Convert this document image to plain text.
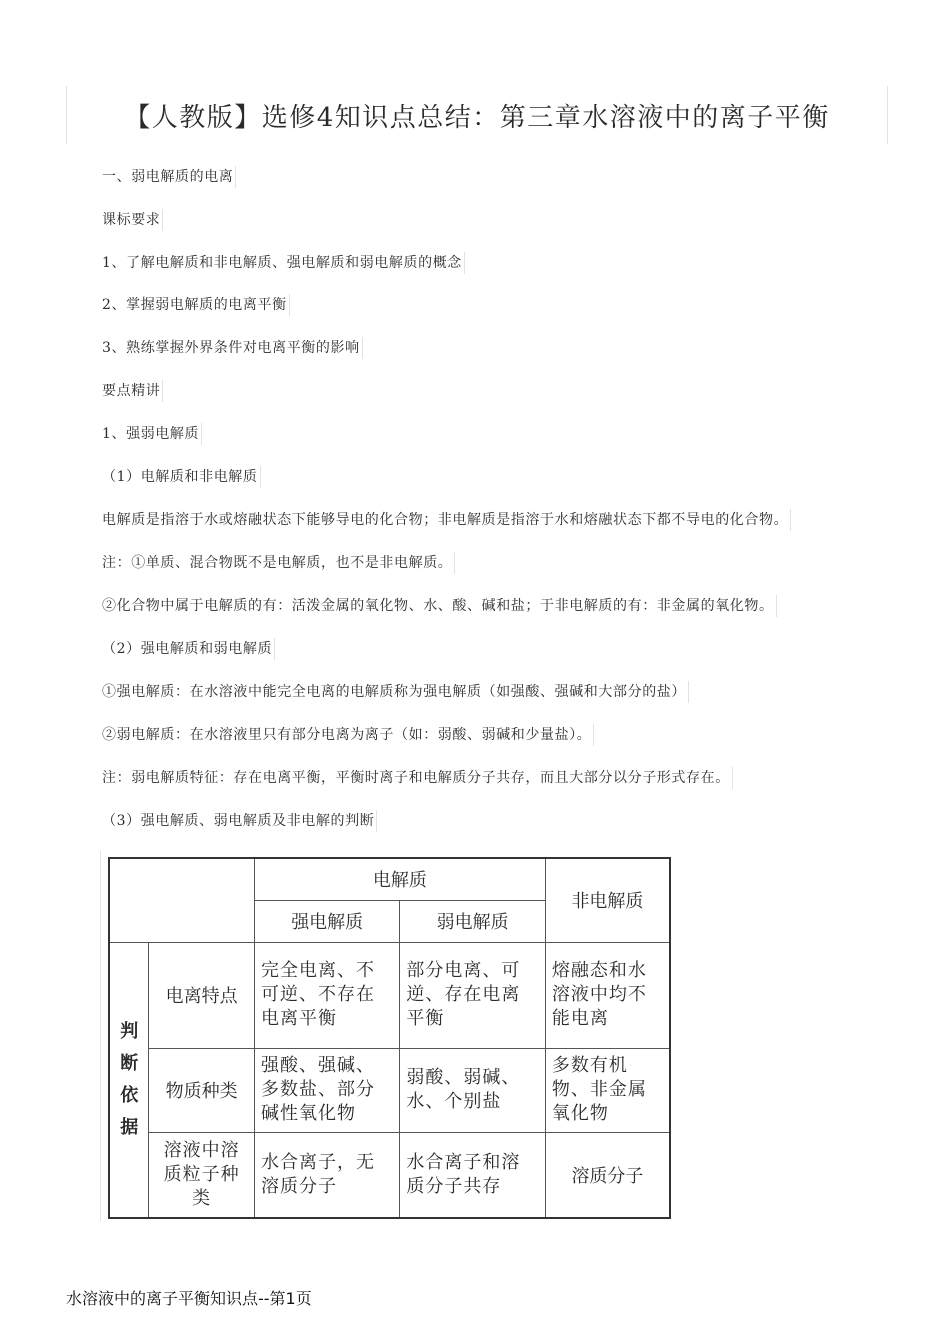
【人教版】选修4知识点总结：第三章水溶液中的离子平衡
一、弱电解质的电离
课标要求
1、了解电解质和非电解质、强电解质和弱电解质的概念
2、掌握弱电解质的电离平衡
3、熟练掌握外界条件对电离平衡的影响
要点精讲
1、强弱电解质
（1）电解质和非电解质
电解质是指溶于水或熔融状态下能够导电的化合物；非电解质是指溶于水和熔融状态下都不导电的化合物。
注：①单质、混合物既不是电解质，也不是非电解质。
②化合物中属于电解质的有：活泼金属的氧化物、水、酸、碱和盐；于非电解质的有：非金属的氧化物。
（2）强电解质和弱电解质
①强电解质：在水溶液中能完全电离的电解质称为强电解质（如强酸、强碱和大部分的盐）
②弱电解质：在水溶液里只有部分电离为离子（如：弱酸、弱碱和少量盐）。
注：弱电解质特征：存在电离平衡，平衡时离子和电解质分子共存，而且大部分以分子形式存在。
（3）强电解质、弱电解质及非电解的判断
		电解质		非电解质
		强电解质	弱电解质	

判
断
依
据	电离特点	完全电离、不可逆、不存在电离平衡	部分电离、可逆、存在电离平衡	熔融态和水溶液中均不能电离
	物质种类	强酸、强碱、多数盐、部分碱性氧化物	弱酸、弱碱、水、个别盐	多数有机物、非金属氧化物
	溶液中溶质粒子种类	水合离子，无溶质分子	水合离子和溶质分子共存	溶质分子
水溶液中的离子平衡知识点--第1页
